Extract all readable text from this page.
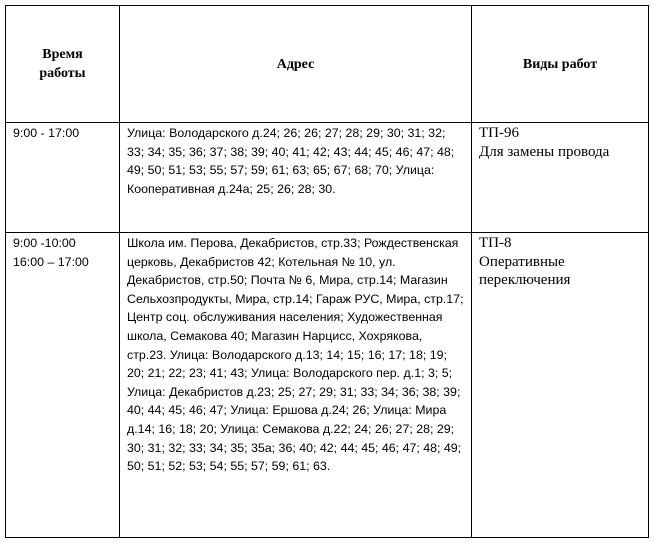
Время работы	Адрес	Виды работ

9:00 - 17:00	Улица: Володарского д.24; 26; 26; 27; 28; 29; 30; 31; 32; 33; 34; 35; 36; 37; 38; 39; 40; 41; 42; 43; 44; 45; 46; 47; 48; 49; 50; 51; 53; 55; 57; 59; 61; 63; 65; 67; 68; 70; Улица: Кооперативная д.24а; 25; 26; 28; 30.	ТП-96
Для замены провода

9:00 -10:00
16:00 – 17:00	Школа им. Перова, Декабристов, стр.33; Рождественская церковь, Декабристов 42; Котельная № 10, ул. Декабристов, стр.50; Почта № 6, Мира, стр.14; Магазин Сельхозпродукты, Мира, стр.14; Гараж РУС, Мира, стр.17; Центр соц. обслуживания населения; Художественная школа, Семакова 40; Магазин Нарцисс, Хохрякова, стр.23. Улица: Володарского д.13; 14; 15; 16; 17; 18; 19; 20; 21; 22; 23; 41; 43; Улица: Володарского пер. д.1; 3; 5; Улица: Декабристов д.23; 25; 27; 29; 31; 33; 34; 36; 38; 39; 40; 44; 45; 46; 47; Улица: Ершова д.24; 26; Улица: Мира д.14; 16; 18; 20; Улица: Семакова д.22; 24; 26; 27; 28; 29; 30; 31; 32; 33; 34; 35; 35а; 36; 40; 42; 44; 45; 46; 47; 48; 49; 50; 51; 52; 53; 54; 55; 57; 59; 61; 63.	ТП-8
Оперативные переключения
